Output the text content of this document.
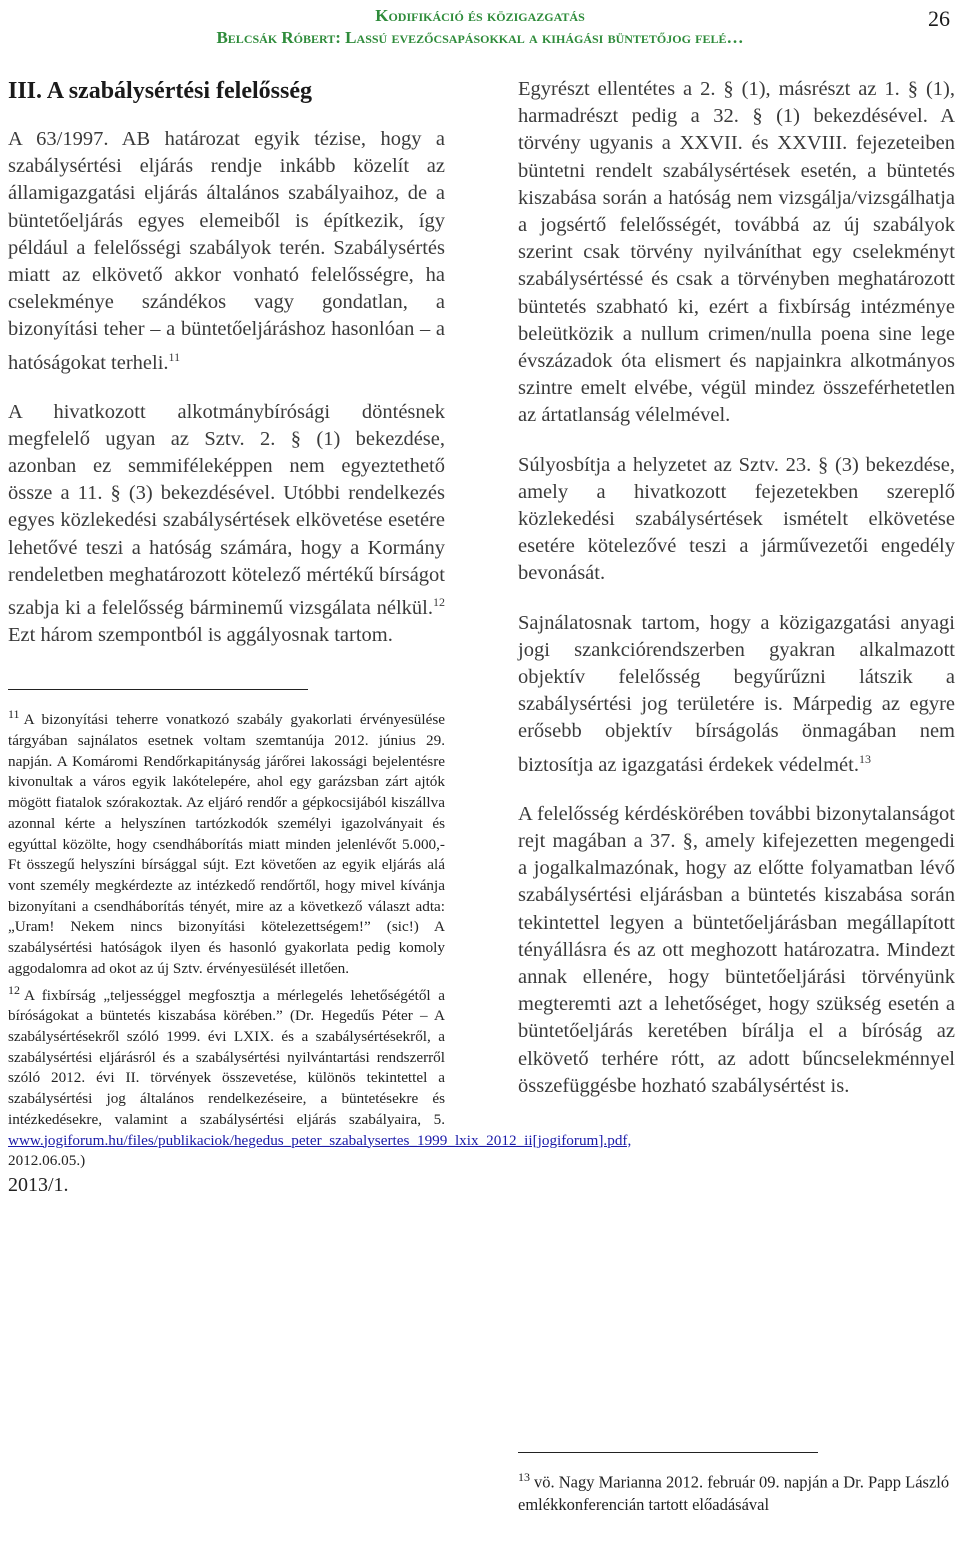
Kodifikáció és közigazgatás
Belcsák Róbert: Lassú evezőcsapásokkal a kihágási büntetőjog felé…
26
III. A szabálysértési felelősség

A 63/1997. AB határozat egyik tézise, hogy a szabálysértési eljárás rendje inkább közelít az államigazgatási eljárás általános szabályaihoz, de a büntetőeljárás egyes elemeiből is építkezik, így például a felelősségi szabályok terén. Szabálysértés miatt az elkövető akkor vonható felelősségre, ha cselekménye szándékos vagy gondatlan, a bizonyítási teher – a büntetőeljáráshoz hasonlóan – a hatóságokat terheli.$^{11}$

A hivatkozott alkotmánybírósági döntésnek megfelelő ugyan az Sztv. 2. § (1) bekezdése, azonban ez semmiféleképpen nem egyeztethető össze a 11. § (3) bekezdésével. Utóbbi rendelkezés egyes közlekedési szabálysértések elkövetése esetére lehetővé teszi a hatóság számára, hogy a Kormány rendeletben meghatározott kötelező mértékű bírságot szabja ki a felelősség bárminemű vizsgálata nélkül.$^{12}$ Ezt három szempontból is aggályosnak tartom.

$^{11}$ A bizonyítási teherre vonatkozó szabály gyakorlati érvényesülése tárgyában sajnálatos esetnek voltam szemtanúja 2012. június 29. napján. A Komáromi Rendőrkapitányság járőrei lakossági bejelentésre kivonultak a város egyik lakótelepére, ahol egy garázsban zárt ajtók mögött fiatalok szórakoztak. Az eljáró rendőr a gépkocsijából kiszállva azonnal kérte a helyszínen tartózkodók személyi igazolványait és egyúttal közölte, hogy csendháborítás miatt minden jelenlévőt 5.000,- Ft összegű helyszíni bírsággal sújt. Ezt követően az egyik eljárás alá vont személy megkérdezte az intézkedő rendőrtől, hogy mivel kívánja bizonyítani a csendháborítás tényét, mire az a következő választ adta: „Uram! Nekem nincs bizonyítási kötelezettségem!” (sic!) A szabálysértési hatóságok ilyen és hasonló gyakorlata pedig komoly aggodalomra ad okot az új Sztv. érvényesülését illetően.

$^{12}$ A fixbírság „teljességgel megfosztja a mérlegelés lehetőségétől a bíróságokat a büntetés kiszabása körében.” (Dr. Hegedűs Péter – A szabálysértésekről szóló 1999. évi LXIX. és a szabálysértésekről, a szabálysértési eljárásról és a szabálysértési nyilvántartási rendszerről szóló 2012. évi II. törvények összevetése, különös tekintettel a szabálysértési jog általános rendelkezéseire, a büntetésekre és intézkedésekre, valamint a szabálysértési eljárás szabályaira, 5. www.jogiforum.hu/files/publikaciok/hegedus_peter_szabalysertes_1999_lxix_2012_ii[jogiforum].pdf,

2012.06.05.)

2013/1.

Egyrészt ellentétes a 2. § (1), másrészt az 1. § (1), harmadrészt pedig a 32. § (1) bekezdésével. A törvény ugyanis a XXVII. és XXVIII. fejezeteiben büntetni rendelt szabálysértések esetén, a büntetés kiszabása során a hatóság nem vizsgálja/vizsgálhatja a jogsértő felelősségét, továbbá az új szabályok szerint csak törvény nyilváníthat egy cselekményt szabálysértéssé és csak a törvényben meghatározott büntetés szabható ki, ezért a fixbírság intézménye beleütközik a nullum crimen/nulla poena sine lege évszázadok óta elismert és napjainkra alkotmányos szintre emelt elvébe, végül mindez összeférhetetlen az ártatlanság vélelmével.

Súlyosbítja a helyzetet az Sztv. 23. § (3) bekezdése, amely a hivatkozott fejezetekben szereplő közlekedési szabálysértések ismételt elkövetése esetére kötelezővé teszi a járművezetői engedély bevonását.

Sajnálatosnak tartom, hogy a közigazgatási anyagi jogi szankciórendszerben gyakran alkalmazott objektív felelősség begyűrűzni látszik a szabálysértési jog területére is. Márpedig az egyre erősebb objektív bírságolás önmagában nem biztosítja az igazgatási érdekek védelmét.$^{13}$

A felelősség kérdéskörében további bizonytalanságot rejt magában a 37. §, amely kifejezetten megengedi a jogalkalmazónak, hogy az előtte folyamatban lévő szabálysértési eljárásban a büntetés kiszabása során tekintettel legyen a büntetőeljárásban megállapított tényállásra és az ott meghozott határozatra. Mindezt annak ellenére, hogy büntetőeljárási törvényünk megteremti azt a lehetőséget, hogy szükség esetén a büntetőeljárás keretében bírálja el a bíróság az elkövető terhére rótt, az adott bűncselekménnyel összefüggésbe hozható szabálysértést is.

$^{13}$ vö. Nagy Marianna 2012. február 09. napján a Dr. Papp László emlékkonferencián tartott előadásával
